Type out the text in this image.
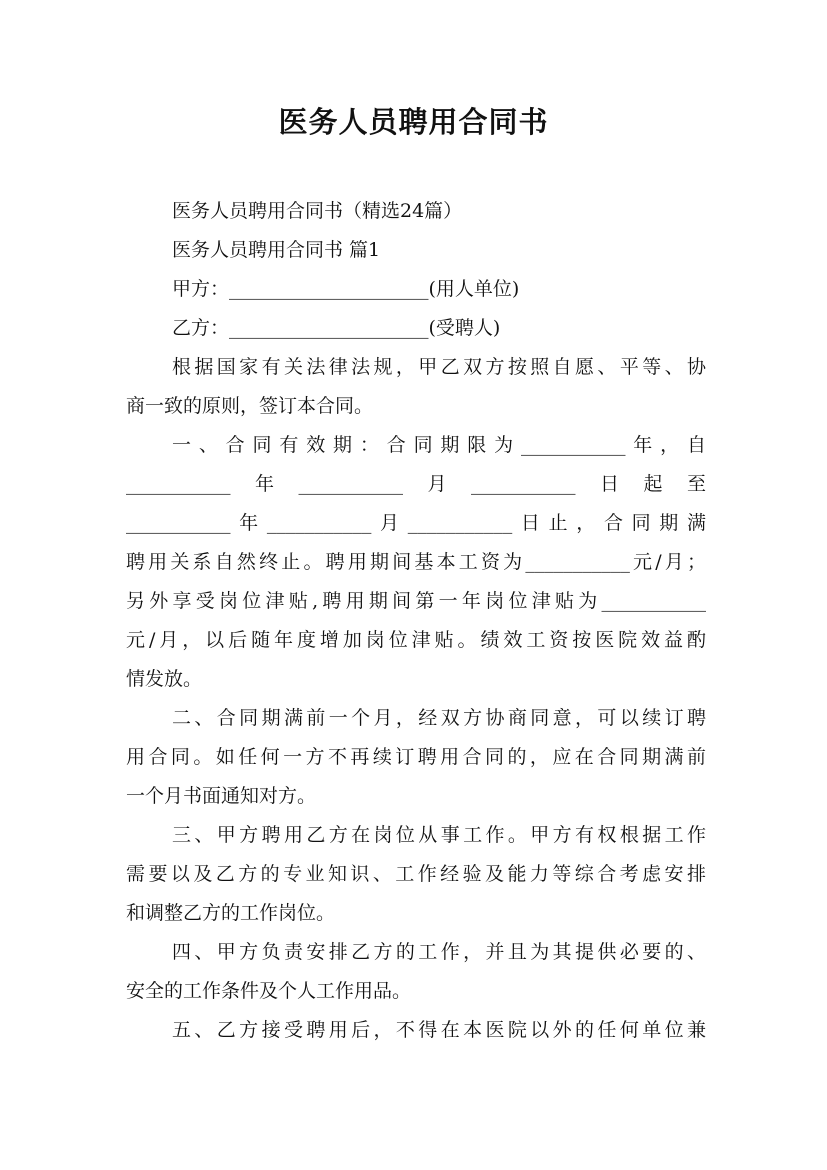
医务人员聘用合同书
医务人员聘用合同书（精选24篇）
医务人员聘用合同书 篇1
甲方：_____________________(用人单位)
乙方：_____________________(受聘人)
根据国家有关法律法规，甲乙双方按照自愿、平等、协
商一致的原则，签订本合同。
一、合同有效期：合同期限为___________年，自
___________年___________月___________日起至
___________年___________月___________日止，合同期满
聘用关系自然终止。聘用期间基本工资为___________元/月；
另外享受岗位津贴,聘用期间第一年岗位津贴为___________
元/月，以后随年度增加岗位津贴。绩效工资按医院效益酌
情发放。
二、合同期满前一个月，经双方协商同意，可以续订聘
用合同。如任何一方不再续订聘用合同的，应在合同期满前
一个月书面通知对方。
三、甲方聘用乙方在岗位从事工作。甲方有权根据工作
需要以及乙方的专业知识、工作经验及能力等综合考虑安排
和调整乙方的工作岗位。
四、甲方负责安排乙方的工作，并且为其提供必要的、
安全的工作条件及个人工作用品。
五、乙方接受聘用后，不得在本医院以外的任何单位兼
